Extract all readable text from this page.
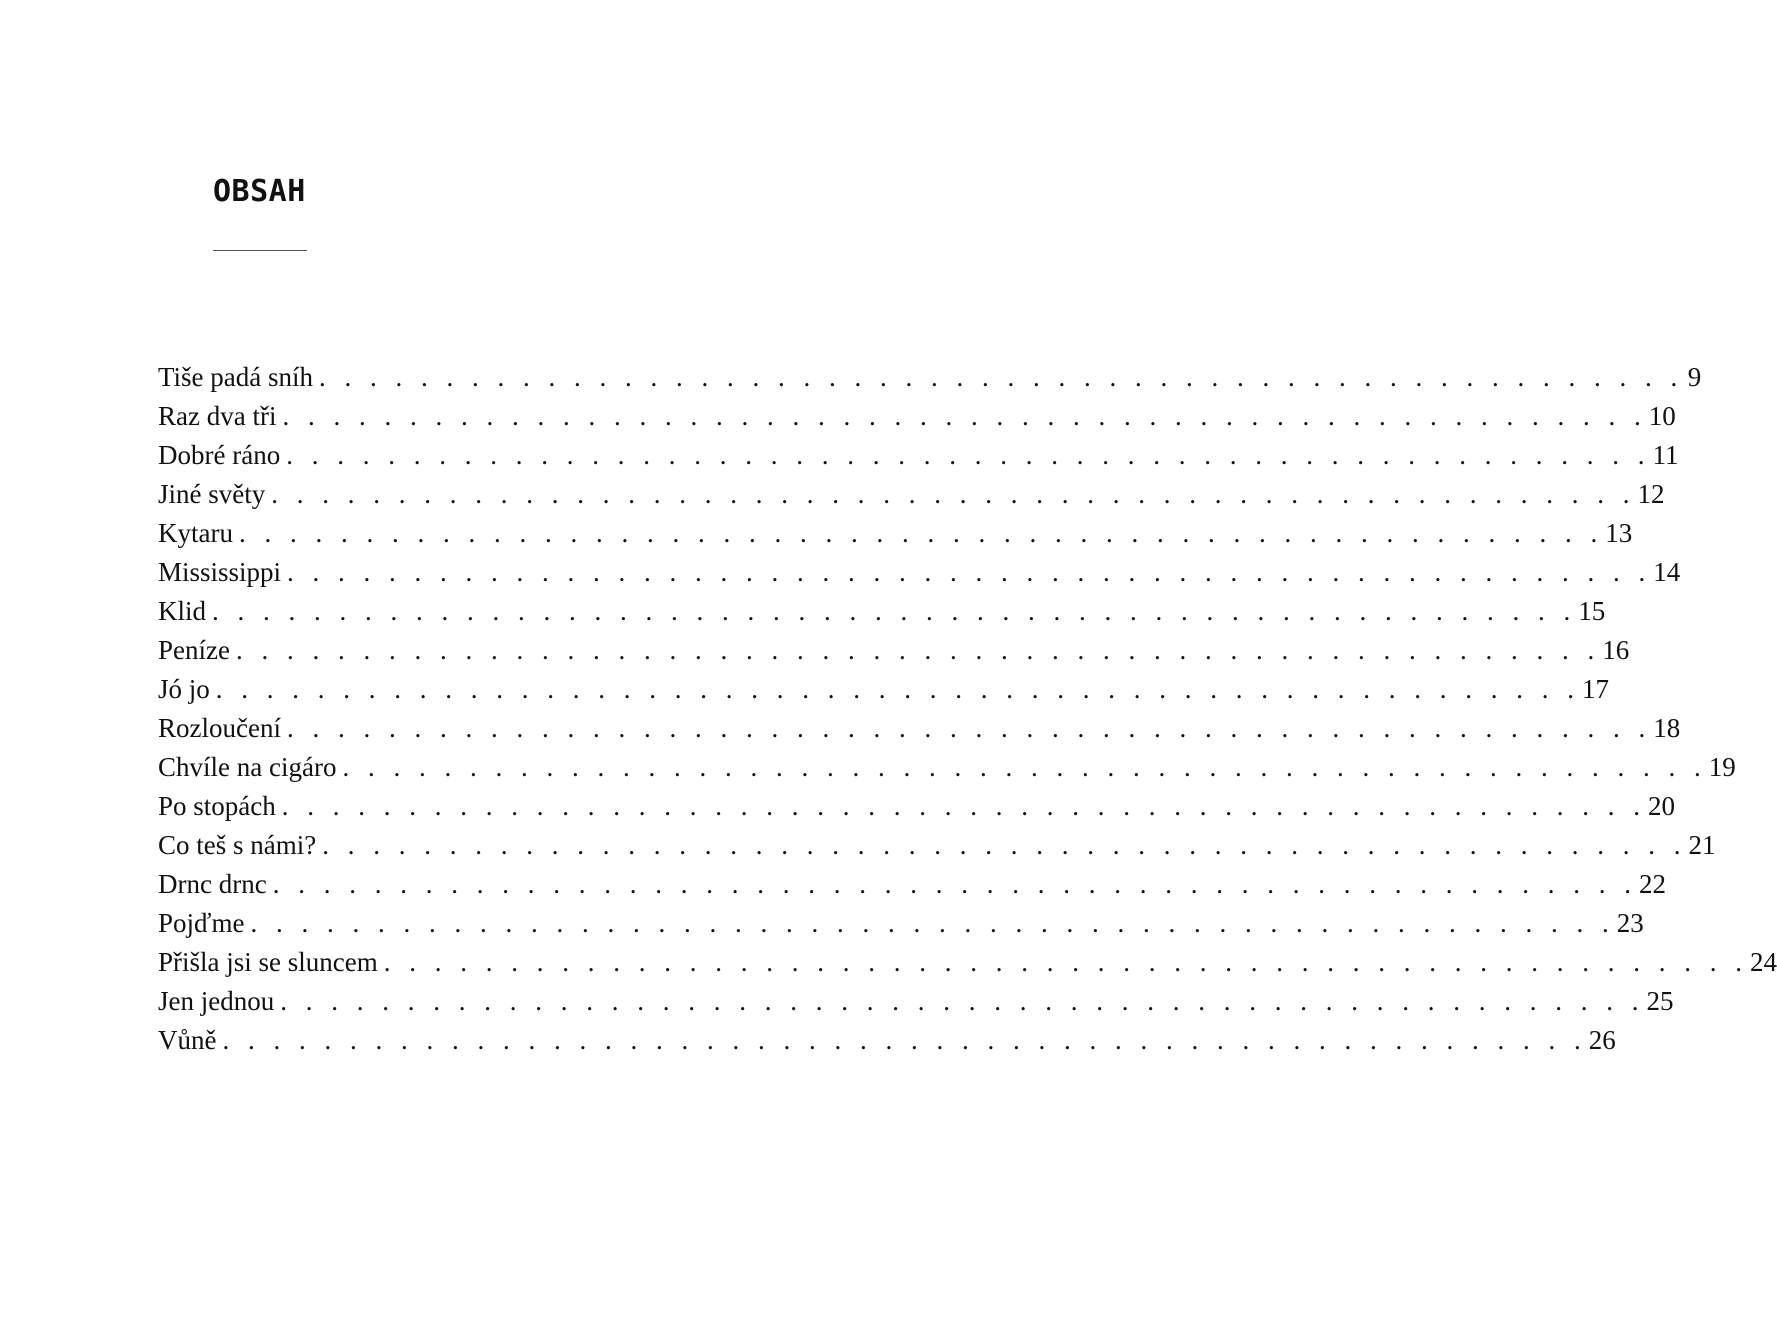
OBSAH
Tiše padá sníh . . . . . . . . . . . . . . . . . . . . . . . . . . . . . . . . . . . . . . . . . . . . . . . . . . . . . . 9
Raz dva tři . . . . . . . . . . . . . . . . . . . . . . . . . . . . . . . . . . . . . . . . . . . . . . . . . . . . . . 10
Dobré ráno . . . . . . . . . . . . . . . . . . . . . . . . . . . . . . . . . . . . . . . . . . . . . . . . . . . . . . 11
Jiné světy . . . . . . . . . . . . . . . . . . . . . . . . . . . . . . . . . . . . . . . . . . . . . . . . . . . . . . 12
Kytaru . . . . . . . . . . . . . . . . . . . . . . . . . . . . . . . . . . . . . . . . . . . . . . . . . . . . . . 13
Mississippi . . . . . . . . . . . . . . . . . . . . . . . . . . . . . . . . . . . . . . . . . . . . . . . . . . . . . . 14
Klid . . . . . . . . . . . . . . . . . . . . . . . . . . . . . . . . . . . . . . . . . . . . . . . . . . . . . . 15
Peníze . . . . . . . . . . . . . . . . . . . . . . . . . . . . . . . . . . . . . . . . . . . . . . . . . . . . . . 16
Jó jo . . . . . . . . . . . . . . . . . . . . . . . . . . . . . . . . . . . . . . . . . . . . . . . . . . . . . . 17
Rozloučení . . . . . . . . . . . . . . . . . . . . . . . . . . . . . . . . . . . . . . . . . . . . . . . . . . . . . . 18
Chvíle na cigáro . . . . . . . . . . . . . . . . . . . . . . . . . . . . . . . . . . . . . . . . . . . . . . . . . . . . . . 19
Po stopách . . . . . . . . . . . . . . . . . . . . . . . . . . . . . . . . . . . . . . . . . . . . . . . . . . . . . . 20
Co teš s námi? . . . . . . . . . . . . . . . . . . . . . . . . . . . . . . . . . . . . . . . . . . . . . . . . . . . . . . 21
Drnc drnc . . . . . . . . . . . . . . . . . . . . . . . . . . . . . . . . . . . . . . . . . . . . . . . . . . . . . . 22
Pojďme . . . . . . . . . . . . . . . . . . . . . . . . . . . . . . . . . . . . . . . . . . . . . . . . . . . . . . 23
Přišla jsi se sluncem . . . . . . . . . . . . . . . . . . . . . . . . . . . . . . . . . . . . . . . . . . . . . . . . . . . . . . 24
Jen jednou . . . . . . . . . . . . . . . . . . . . . . . . . . . . . . . . . . . . . . . . . . . . . . . . . . . . . . 25
Vůně . . . . . . . . . . . . . . . . . . . . . . . . . . . . . . . . . . . . . . . . . . . . . . . . . . . . . . 26
